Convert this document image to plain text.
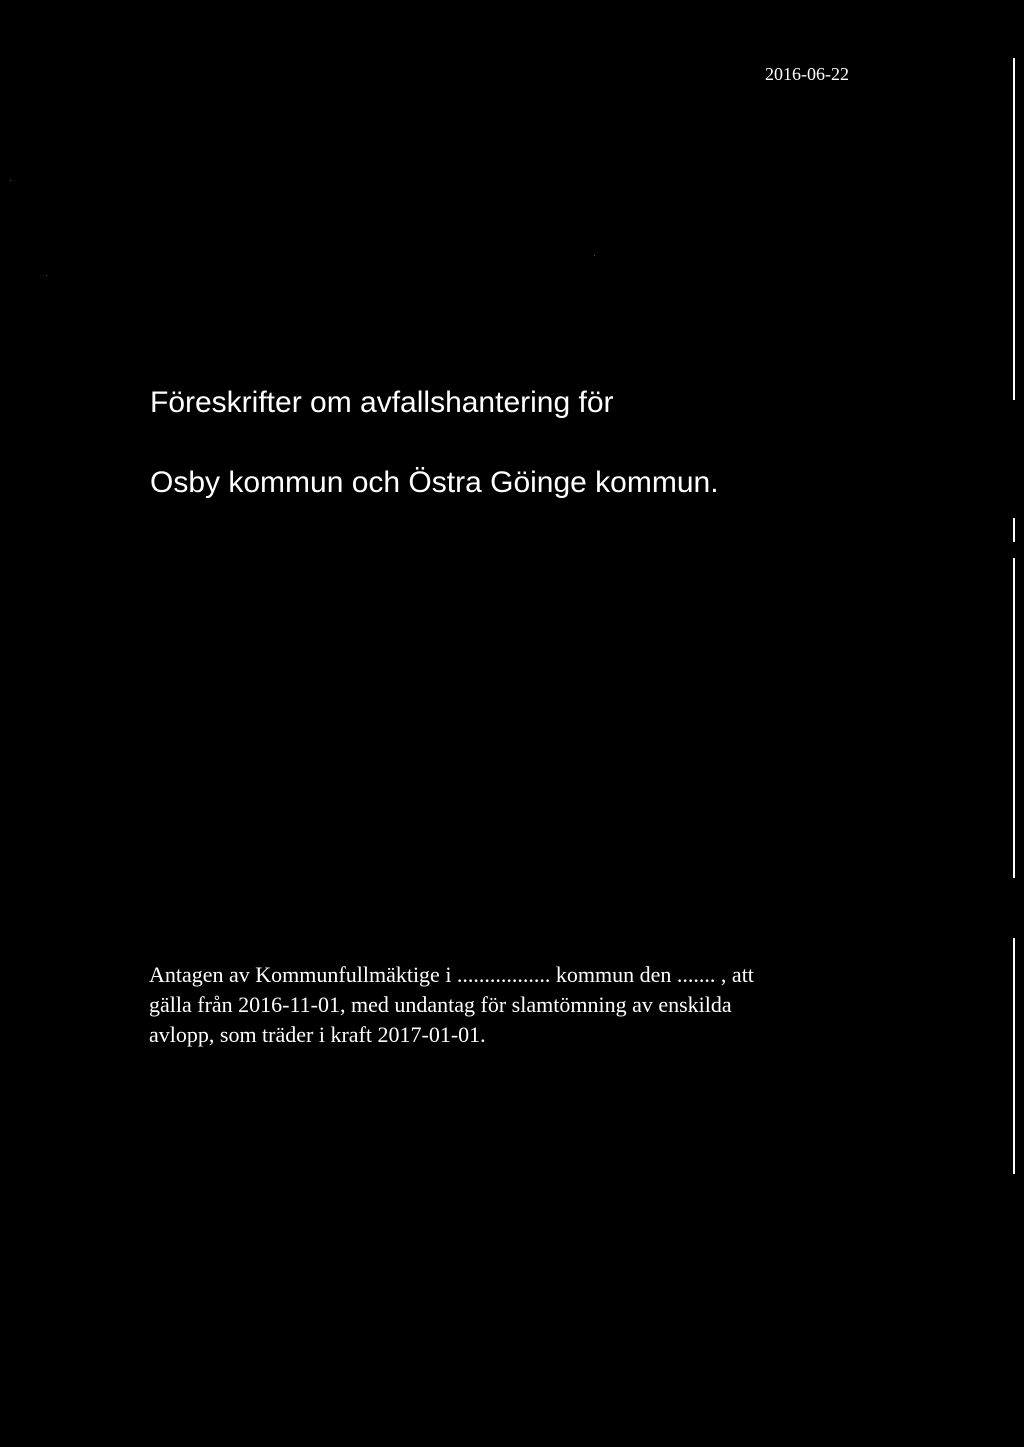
2016-06-22
Föreskrifter om avfallshantering för
Osby kommun och Östra Göinge kommun.
Antagen av Kommunfullmäktige i ................. kommun den ....... , att
gälla från 2016-11-01, med undantag för slamtömning av enskilda
avlopp, som träder i kraft 2017-01-01.
